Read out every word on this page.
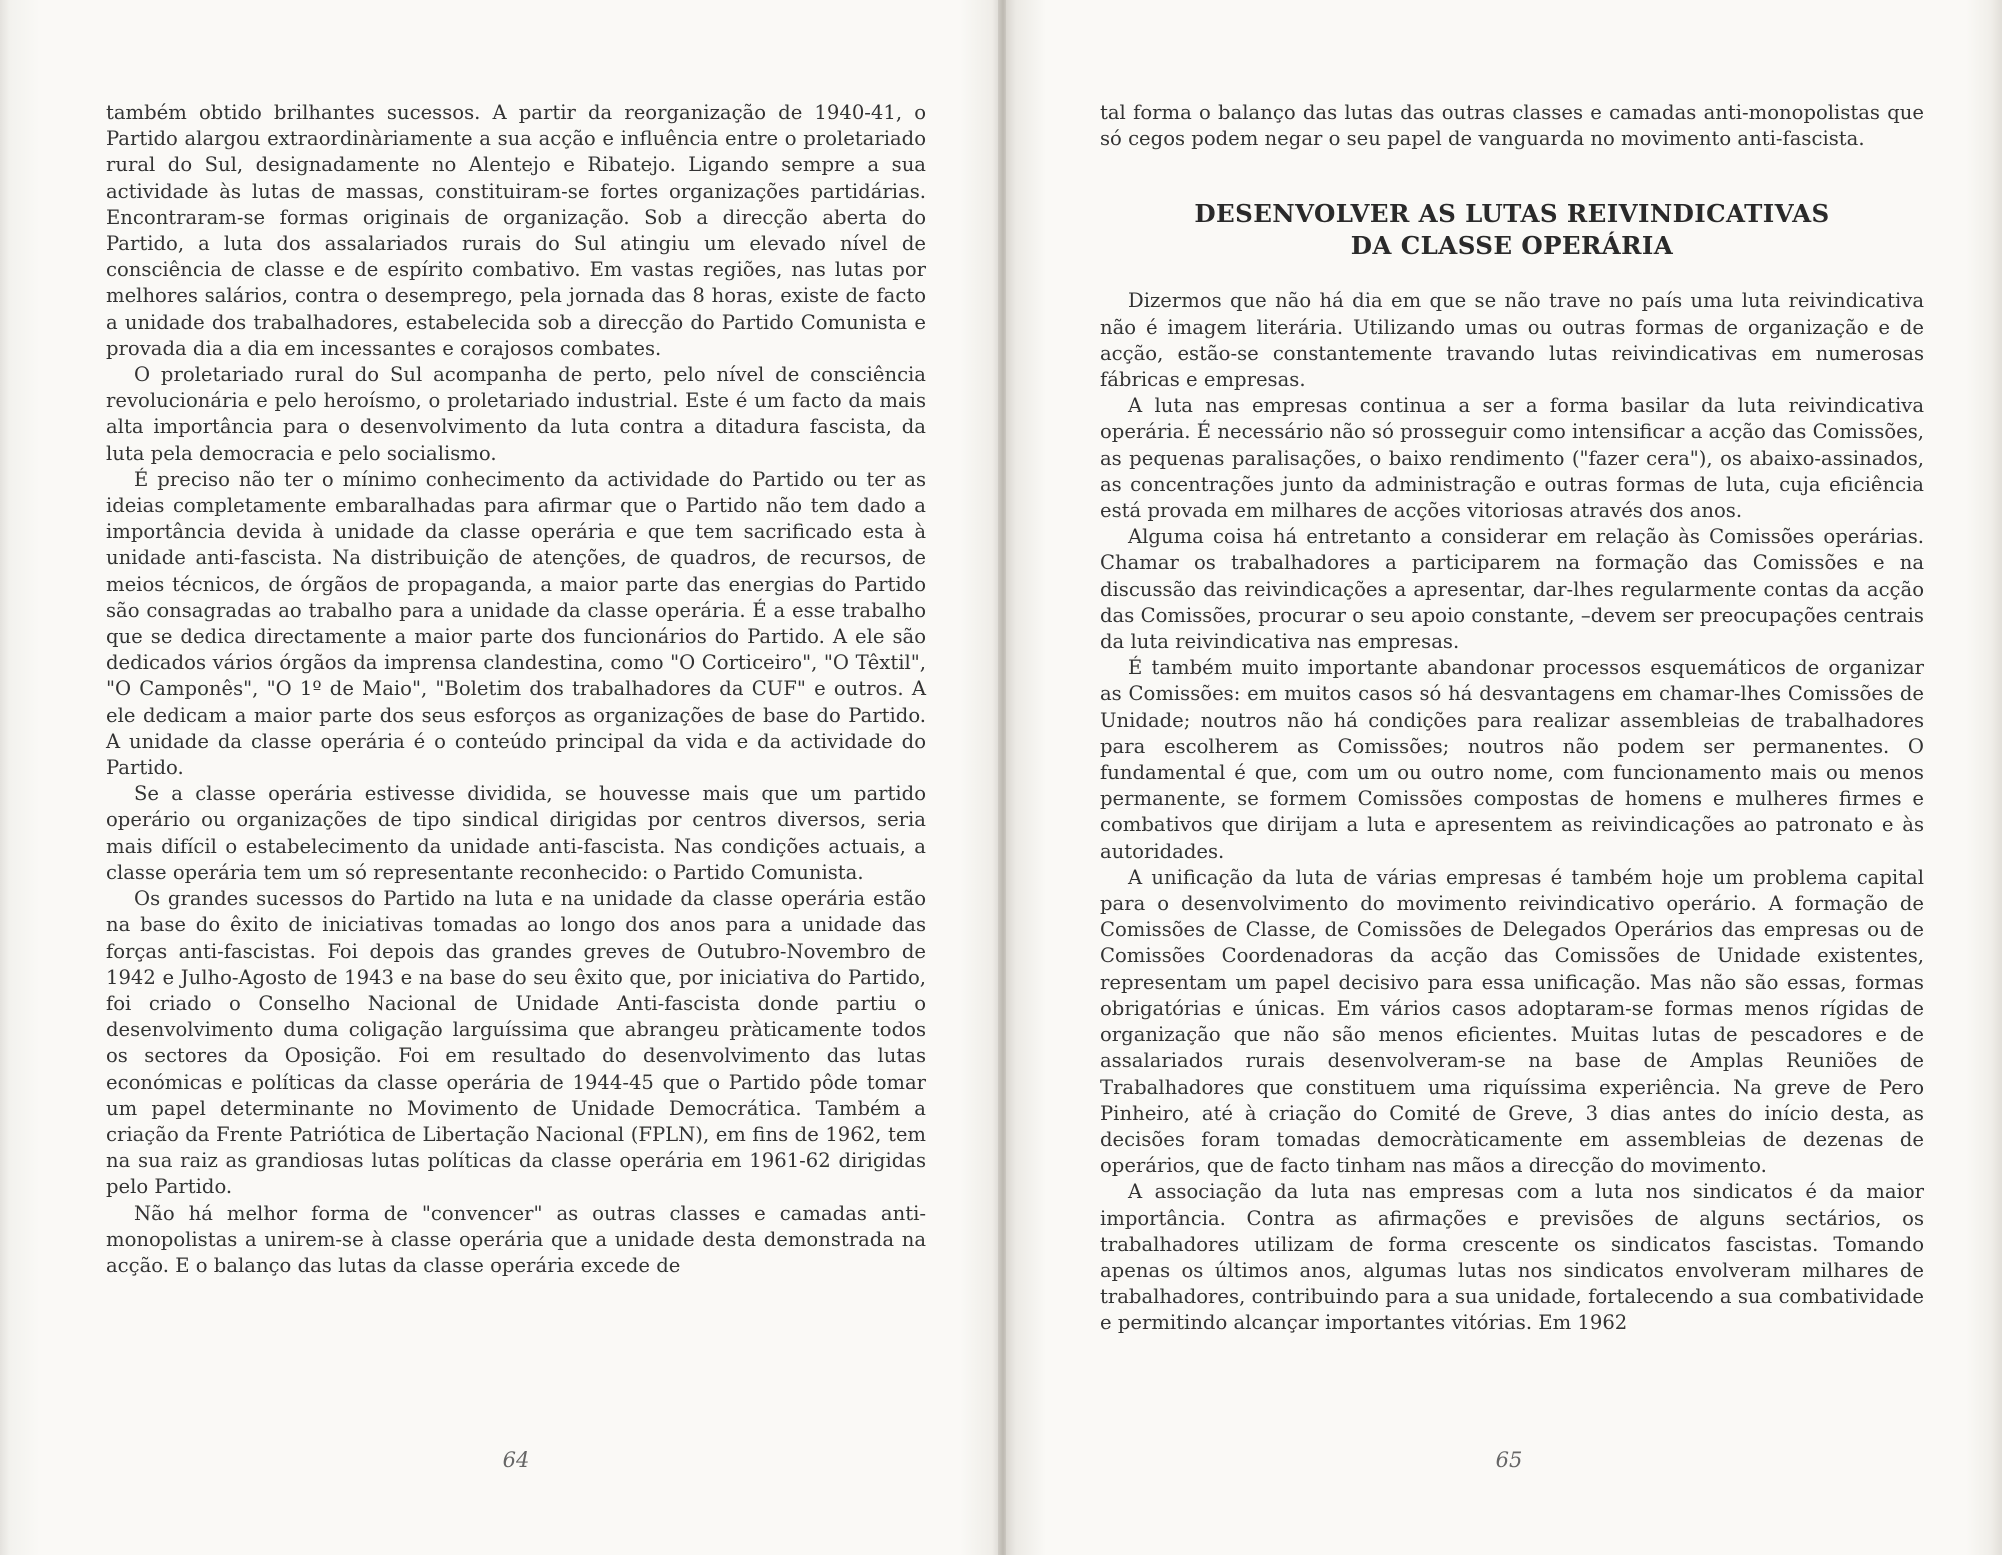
também obtido brilhantes sucessos. A partir da reorganização de 1940-41, o Partido alargou extraordinàriamente a sua acção e influência entre o proletariado rural do Sul, designadamente no Alentejo e Ribatejo. Ligando sempre a sua actividade às lutas de massas, constituiram-se fortes organizações partidárias. Encontraram-se formas originais de organização. Sob a direcção aberta do Partido, a luta dos assalariados rurais do Sul atingiu um elevado nível de consciência de classe e de espírito combativo. Em vastas regiões, nas lutas por melhores salários, contra o desemprego, pela jornada das 8 horas, existe de facto a unidade dos trabalhadores, estabelecida sob a direcção do Partido Comunista e provada dia a dia em incessantes e corajosos combates.

O proletariado rural do Sul acompanha de perto, pelo nível de consciência revolucionária e pelo heroísmo, o proletariado industrial. Este é um facto da mais alta importância para o desenvolvimento da luta contra a ditadura fascista, da luta pela democracia e pelo socialismo.

É preciso não ter o mínimo conhecimento da actividade do Partido ou ter as ideias completamente embaralhadas para afirmar que o Partido não tem dado a importância devida à unidade da classe operária e que tem sacrificado esta à unidade anti-fascista. Na distribuição de atenções, de quadros, de recursos, de meios técnicos, de órgãos de propaganda, a maior parte das energias do Partido são consagradas ao trabalho para a unidade da classe operária. É a esse trabalho que se dedica directamente a maior parte dos funcionários do Partido. A ele são dedicados vários órgãos da imprensa clandestina, como "O Corticeiro", "O Têxtil", "O Camponês", "O 1º de Maio", "Boletim dos trabalhadores da CUF" e outros. A ele dedicam a maior parte dos seus esforços as organizações de base do Partido. A unidade da classe operária é o conteúdo principal da vida e da actividade do Partido.

Se a classe operária estivesse dividida, se houvesse mais que um partido operário ou organizações de tipo sindical dirigidas por centros diversos, seria mais difícil o estabelecimento da unidade anti-fascista. Nas condições actuais, a classe operária tem um só representante reconhecido: o Partido Comunista.

Os grandes sucessos do Partido na luta e na unidade da classe operária estão na base do êxito de iniciativas tomadas ao longo dos anos para a unidade das forças anti-fascistas. Foi depois das grandes greves de Outubro-Novembro de 1942 e Julho-Agosto de 1943 e na base do seu êxito que, por iniciativa do Partido, foi criado o Conselho Nacional de Unidade Anti-fascista donde partiu o desenvolvimento duma coligação larguíssima que abrangeu pràticamente todos os sectores da Oposição. Foi em resultado do desenvolvimento das lutas económicas e políticas da classe operária de 1944-45 que o Partido pôde tomar um papel determinante no Movimento de Unidade Democrática. Também a criação da Frente Patriótica de Libertação Nacional (FPLN), em fins de 1962, tem na sua raiz as grandiosas lutas políticas da classe operária em 1961-62 dirigidas pelo Partido.

Não há melhor forma de "convencer" as outras classes e camadas anti-monopolistas a unirem-se à classe operária que a unidade desta demonstrada na acção. E o balanço das lutas da classe operária excede de

64

tal forma o balanço das lutas das outras classes e camadas anti-monopolistas que só cegos podem negar o seu papel de vanguarda no movimento anti-fascista.

DESENVOLVER AS LUTAS REIVINDICATIVAS
DA CLASSE OPERÁRIA

Dizermos que não há dia em que se não trave no país uma luta reivindicativa não é imagem literária. Utilizando umas ou outras formas de organização e de acção, estão-se constantemente travando lutas reivindicativas em numerosas fábricas e empresas.

A luta nas empresas continua a ser a forma basilar da luta reivindicativa operária. É necessário não só prosseguir como intensificar a acção das Comissões, as pequenas paralisações, o baixo rendimento ("fazer cera"), os abaixo-assinados, as concentrações junto da administração e outras formas de luta, cuja eficiência está provada em milhares de acções vitoriosas através dos anos.

Alguma coisa há entretanto a considerar em relação às Comissões operárias. Chamar os trabalhadores a participarem na formação das Comissões e na discussão das reivindicações a apresentar, dar-lhes regularmente contas da acção das Comissões, procurar o seu apoio constante, –devem ser preocupações centrais da luta reivindicativa nas empresas.

É também muito importante abandonar processos esquemáticos de organizar as Comissões: em muitos casos só há desvantagens em chamar-lhes Comissões de Unidade; noutros não há condições para realizar assembleias de trabalhadores para escolherem as Comissões; noutros não podem ser permanentes. O fundamental é que, com um ou outro nome, com funcionamento mais ou menos permanente, se formem Comissões compostas de homens e mulheres firmes e combativos que dirijam a luta e apresentem as reivindicações ao patronato e às autoridades.

A unificação da luta de várias empresas é também hoje um problema capital para o desenvolvimento do movimento reivindicativo operário. A formação de Comissões de Classe, de Comissões de Delegados Operários das empresas ou de Comissões Coordenadoras da acção das Comissões de Unidade existentes, representam um papel decisivo para essa unificação. Mas não são essas, formas obrigatórias e únicas. Em vários casos adoptaram-se formas menos rígidas de organização que não são menos eficientes. Muitas lutas de pescadores e de assalariados rurais desenvolveram-se na base de Amplas Reuniões de Trabalhadores que constituem uma riquíssima experiência. Na greve de Pero Pinheiro, até à criação do Comité de Greve, 3 dias antes do início desta, as decisões foram tomadas democràticamente em assembleias de dezenas de operários, que de facto tinham nas mãos a direcção do movimento.

A associação da luta nas empresas com a luta nos sindicatos é da maior importância. Contra as afirmações e previsões de alguns sectários, os trabalhadores utilizam de forma crescente os sindicatos fascistas. Tomando apenas os últimos anos, algumas lutas nos sindicatos envolveram milhares de trabalhadores, contribuindo para a sua unidade, fortalecendo a sua combatividade e permitindo alcançar importantes vitórias. Em 1962

65
